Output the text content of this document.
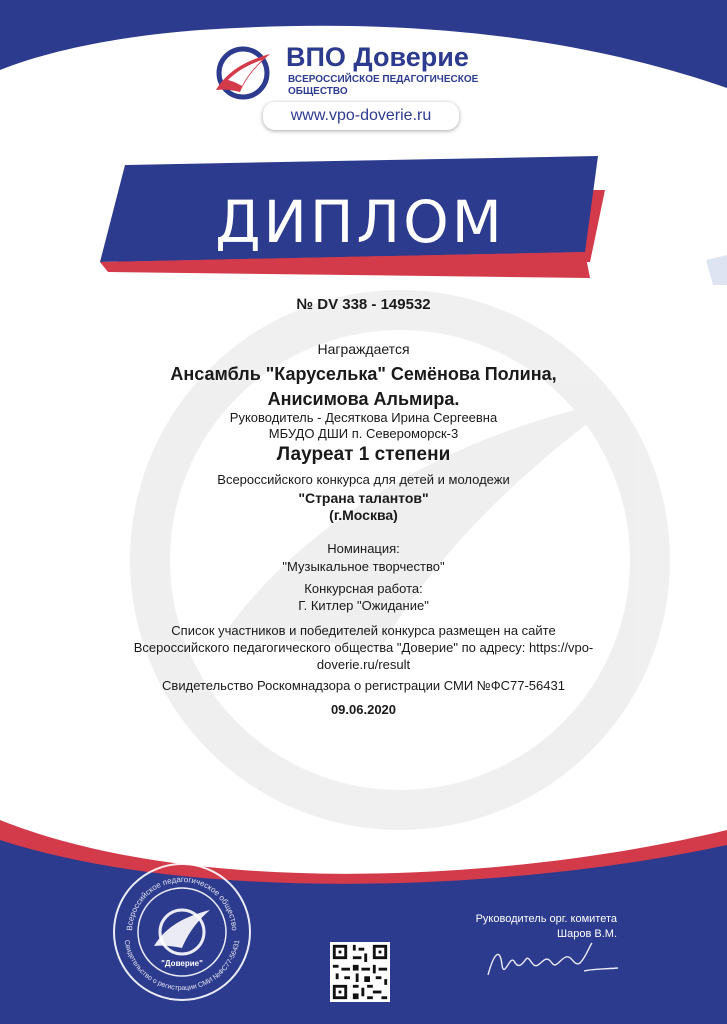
ВПО Доверие
ВСЕРОССИЙСКОЕ ПЕДАГОГИЧЕСКОЕ ОБЩЕСТВО
www.vpo-doverie.ru
ДИПЛОМ
№ DV 338 - 149532
Награждается
Ансамбль "Каруселька" Семёнова Полина,
Анисимова Альмира.
Руководитель - Десяткова Ирина Сергеевна
МБУДО ДШИ п. Североморск-3
Лауреат 1 степени
Всероссийского конкурса для детей и молодежи
"Страна талантов"
(г.Москва)
Номинация:
"Музыкальное творчество"
Конкурсная работа:
Г. Китлер "Ожидание"
Список участников и победителей конкурса размещен на сайте
Всероссийского педагогического общества "Доверие" по адресу: https://vpo-
doverie.ru/result
Свидетельство Роскомнадзора о регистрации СМИ №ФС77-56431
09.06.2020
Всероссийское педагогическое общество
Свидетельство о регистрации СМИ №ФС77-56431
"Доверие"
Руководитель орг. комитета
Шаров В.М.
